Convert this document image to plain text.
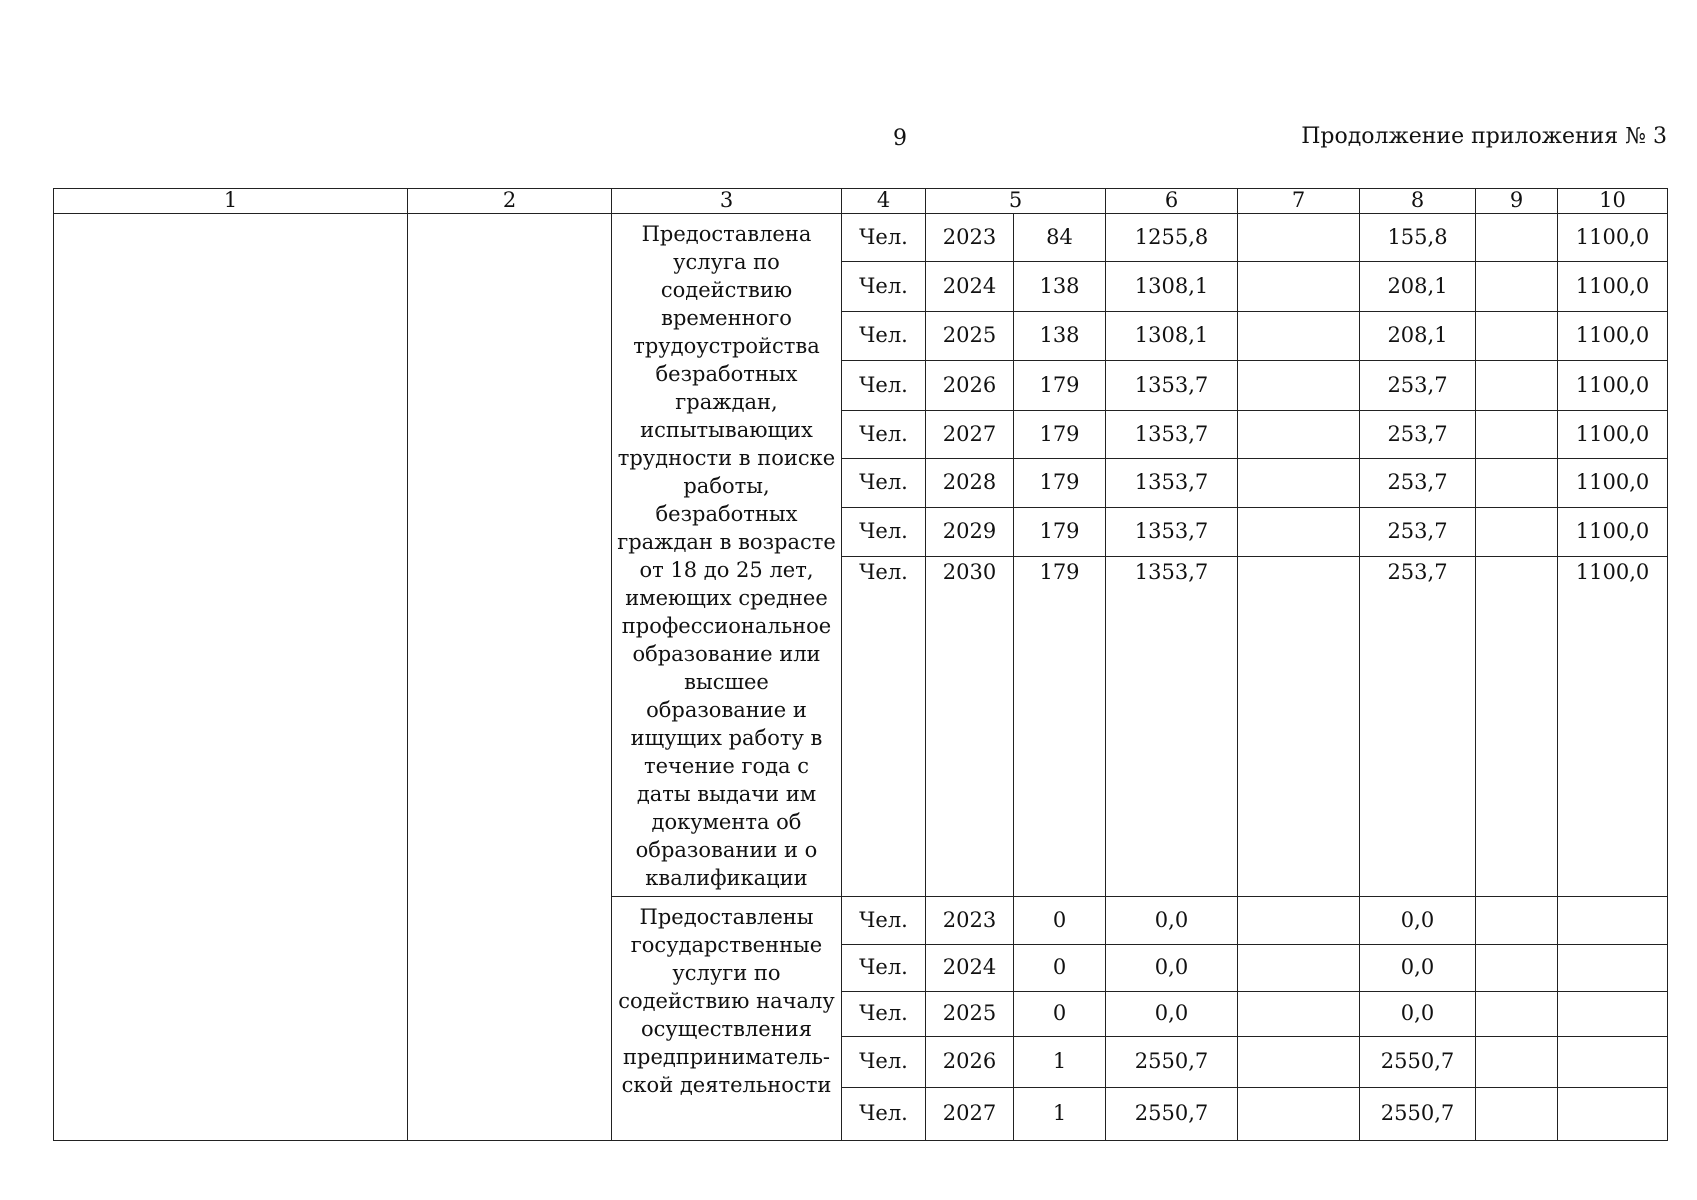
9	Продолжение приложения № 3
1	2	3	4	5		6	7	8	9	10
		Предоставлена услуга по содействию временного трудоустройства безработных граждан, испытывающих трудности в поиске работы, безработных граждан в возрасте от 18 до 25 лет, имеющих среднее профессиональное образование или высшее образование и ищущих работу в течение года с даты выдачи им документа об образовании и о квалификации	Чел.	2023	84	1255,8		155,8		1100,0
			Чел.	2024	138	1308,1		208,1		1100,0
			Чел.	2025	138	1308,1		208,1		1100,0
			Чел.	2026	179	1353,7		253,7		1100,0
			Чел.	2027	179	1353,7		253,7		1100,0
			Чел.	2028	179	1353,7		253,7		1100,0
			Чел.	2029	179	1353,7		253,7		1100,0
			Чел.	2030	179	1353,7		253,7		1100,0
		Предоставлены государственные услуги по содействию началу осуществления предприниматель-ской деятельности	Чел.	2023	0	0,0		0,0		
			Чел.	2024	0	0,0		0,0		
			Чел.	2025	0	0,0		0,0		
			Чел.	2026	1	2550,7		2550,7		
			Чел.	2027	1	2550,7		2550,7		
